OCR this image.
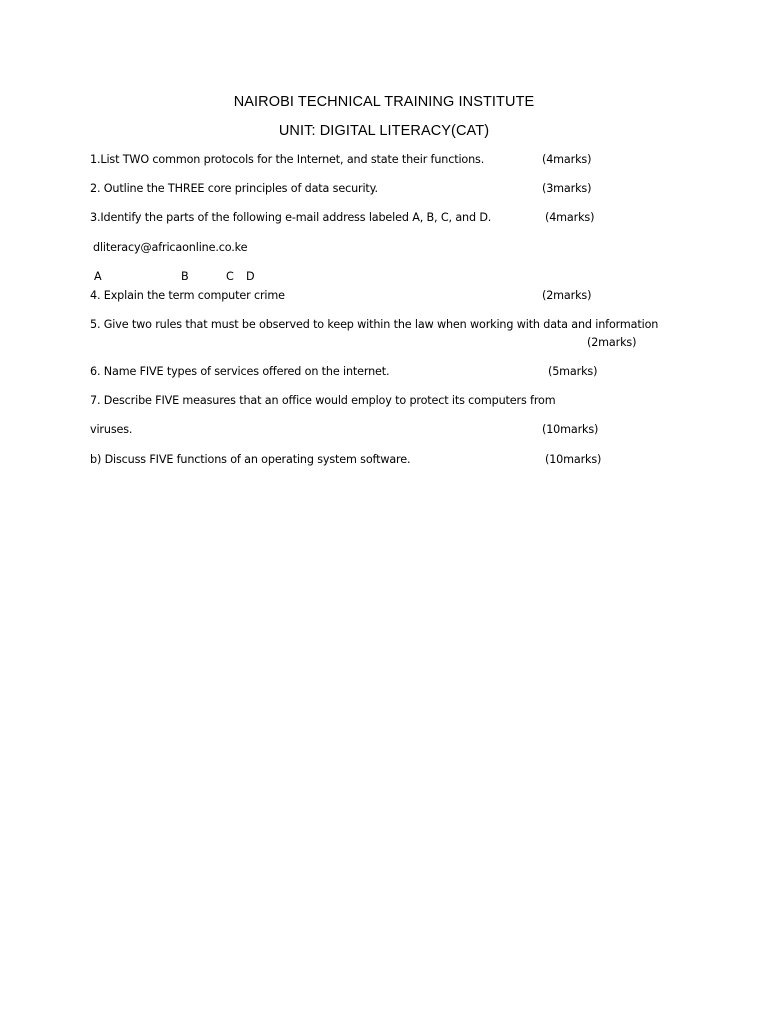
NAIROBI TECHNICAL TRAINING INSTITUTE
UNIT: DIGITAL LITERACY(CAT)
1.List TWO common protocols for the Internet, and state their functions.	(4marks)
2. Outline the THREE core principles of data security.	(3marks)
3.Identify the parts of the following e-mail address labeled A, B, C, and D.	(4marks)
dliteracy@africaonline.co.ke
A	B	C D
4. Explain the term computer crime	(2marks)
5. Give two rules that must be observed to keep within the law when working with data and information
(2marks)
6. Name FIVE types of services offered on the internet.	(5marks)
7. Describe FIVE measures that an office would employ to protect its computers from
viruses.	(10marks)
b) Discuss FIVE functions of an operating system software.	(10marks)
